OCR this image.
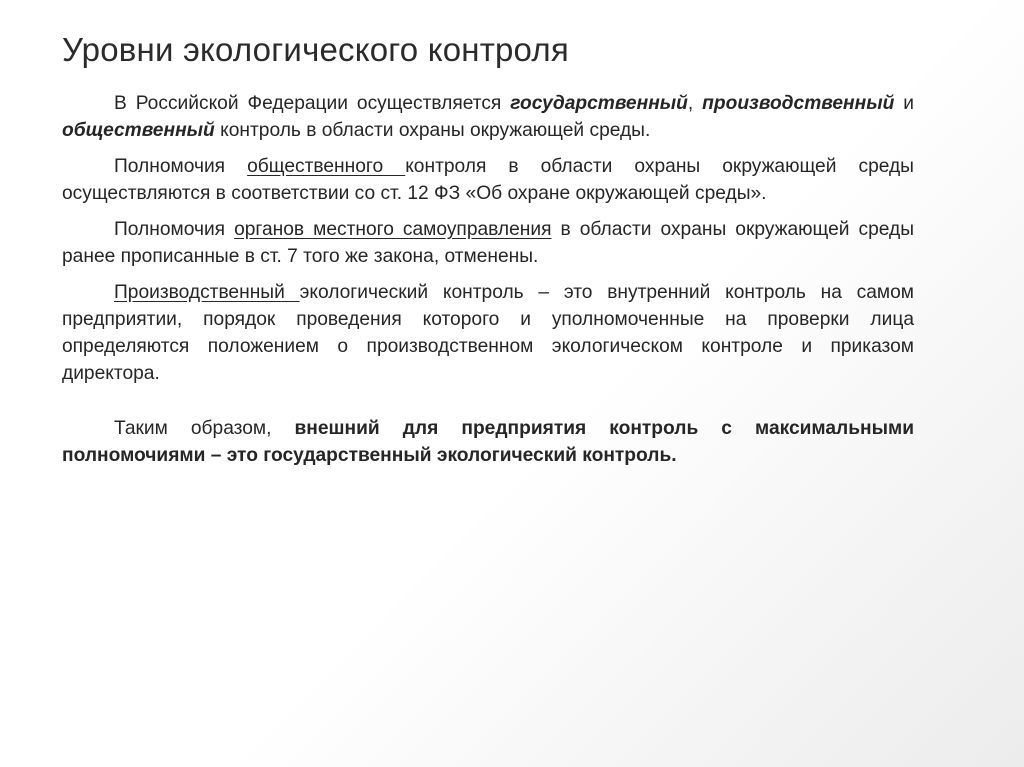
Уровни экологического контроля

В Российской Федерации осуществляется государственный, производственный и общественный контроль в области охраны окружающей среды.

Полномочия общественного контроля в области охраны окружающей среды осуществляются в соответствии со ст. 12 ФЗ «Об охране окружающей среды».

Полномочия органов местного самоуправления в области охраны окружающей среды ранее прописанные в ст. 7 того же закона, отменены.

Производственный экологический контроль – это внутренний контроль на самом предприятии, порядок проведения которого и уполномоченные на проверки лица определяются положением о производственном экологическом контроле и приказом директора.

Таким образом, внешний для предприятия контроль с максимальными полномочиями – это государственный экологический контроль.
